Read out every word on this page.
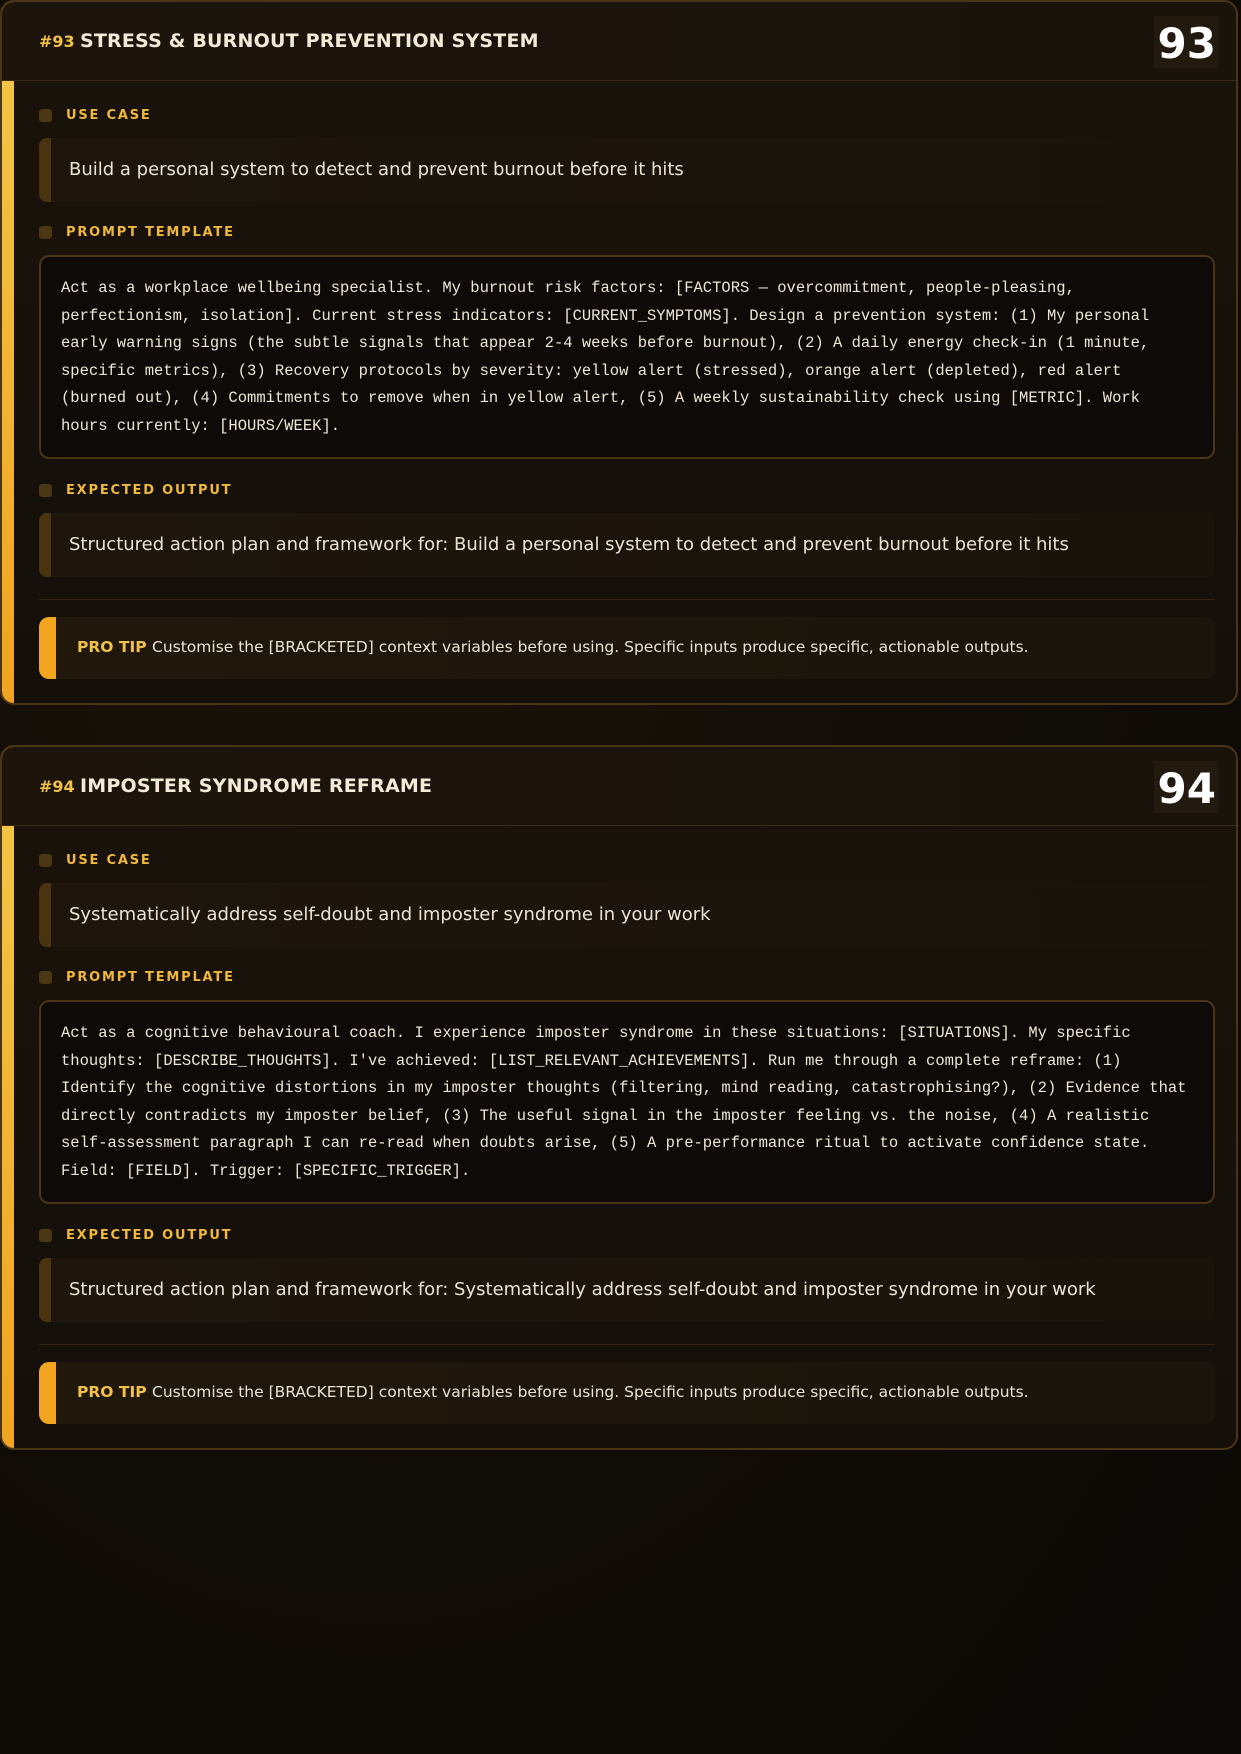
#93 STRESS & BURNOUT PREVENTION SYSTEM	93
USE CASE
Build a personal system to detect and prevent burnout before it hits
PROMPT TEMPLATE
Act as a workplace wellbeing specialist. My burnout risk factors: [FACTORS — overcommitment, people-pleasing, perfectionism, isolation]. Current stress indicators: [CURRENT_SYMPTOMS]. Design a prevention system: (1) My personal early warning signs (the subtle signals that appear 2-4 weeks before burnout), (2) A daily energy check-in (1 minute, specific metrics), (3) Recovery protocols by severity: yellow alert (stressed), orange alert (depleted), red alert (burned out), (4) Commitments to remove when in yellow alert, (5) A weekly sustainability check using [METRIC]. Work hours currently: [HOURS/WEEK].
EXPECTED OUTPUT
Structured action plan and framework for: Build a personal system to detect and prevent burnout before it hits
PRO TIP Customise the [BRACKETED] context variables before using. Specific inputs produce specific, actionable outputs.
#94 IMPOSTER SYNDROME REFRAME	94
USE CASE
Systematically address self-doubt and imposter syndrome in your work
PROMPT TEMPLATE
Act as a cognitive behavioural coach. I experience imposter syndrome in these situations: [SITUATIONS]. My specific thoughts: [DESCRIBE_THOUGHTS]. I've achieved: [LIST_RELEVANT_ACHIEVEMENTS]. Run me through a complete reframe: (1) Identify the cognitive distortions in my imposter thoughts (filtering, mind reading, catastrophising?), (2) Evidence that directly contradicts my imposter belief, (3) The useful signal in the imposter feeling vs. the noise, (4) A realistic self-assessment paragraph I can re-read when doubts arise, (5) A pre-performance ritual to activate confidence state. Field: [FIELD]. Trigger: [SPECIFIC_TRIGGER].
EXPECTED OUTPUT
Structured action plan and framework for: Systematically address self-doubt and imposter syndrome in your work
PRO TIP Customise the [BRACKETED] context variables before using. Specific inputs produce specific, actionable outputs.
